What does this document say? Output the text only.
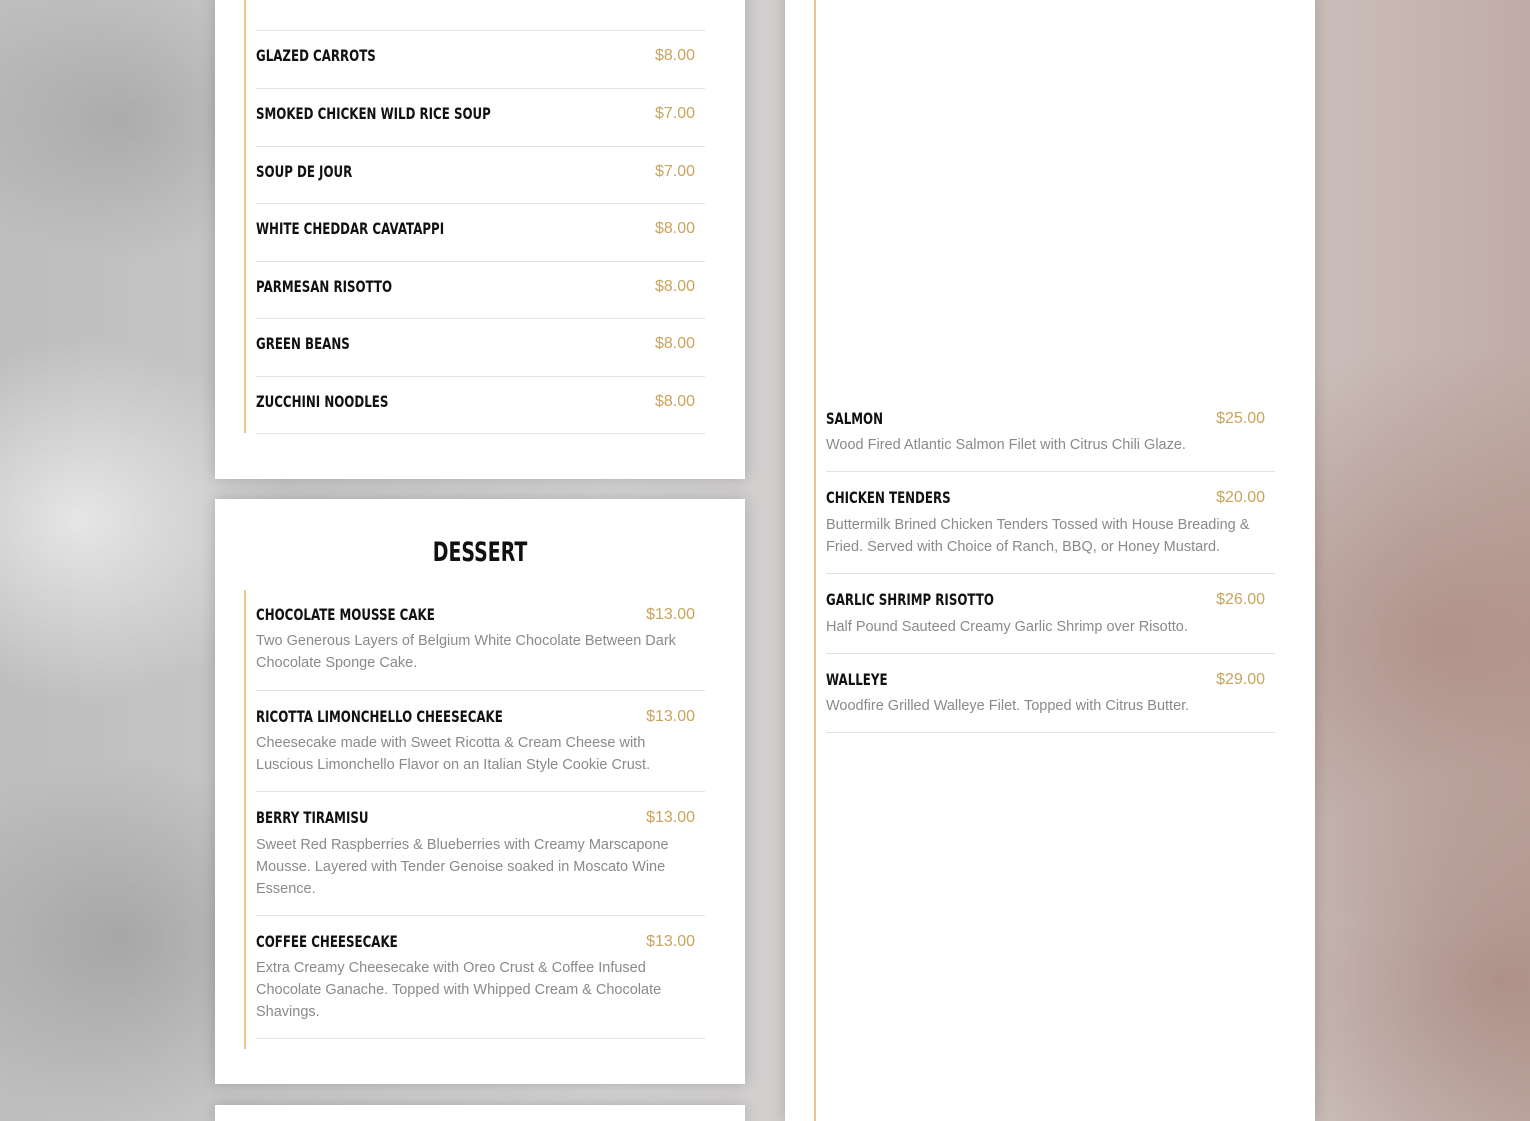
GLAZED CARROTS	$8.00
SMOKED CHICKEN WILD RICE SOUP	$7.00
SOUP DE JOUR	$7.00
WHITE CHEDDAR CAVATAPPI	$8.00
PARMESAN RISOTTO	$8.00
GREEN BEANS	$8.00
ZUCCHINI NOODLES	$8.00
DESSERT
CHOCOLATE MOUSSE CAKE	$13.00
Two Generous Layers of Belgium White Chocolate Between Dark Chocolate Sponge Cake.
RICOTTA LIMONCHELLO CHEESECAKE	$13.00
Cheesecake made with Sweet Ricotta & Cream Cheese with Luscious Limonchello Flavor on an Italian Style Cookie Crust.
BERRY TIRAMISU	$13.00
Sweet Red Raspberries & Blueberries with Creamy Marscapone Mousse. Layered with Tender Genoise soaked in Moscato Wine Essence.
COFFEE CHEESECAKE	$13.00
Extra Creamy Cheesecake with Oreo Crust & Coffee Infused Chocolate Ganache. Topped with Whipped Cream & Chocolate Shavings.
SALMON	$25.00
Wood Fired Atlantic Salmon Filet with Citrus Chili Glaze.
CHICKEN TENDERS	$20.00
Buttermilk Brined Chicken Tenders Tossed with House Breading & Fried. Served with Choice of Ranch, BBQ, or Honey Mustard.
GARLIC SHRIMP RISOTTO	$26.00
Half Pound Sauteed Creamy Garlic Shrimp over Risotto.
WALLEYE	$29.00
Woodfire Grilled Walleye Filet. Topped with Citrus Butter.
